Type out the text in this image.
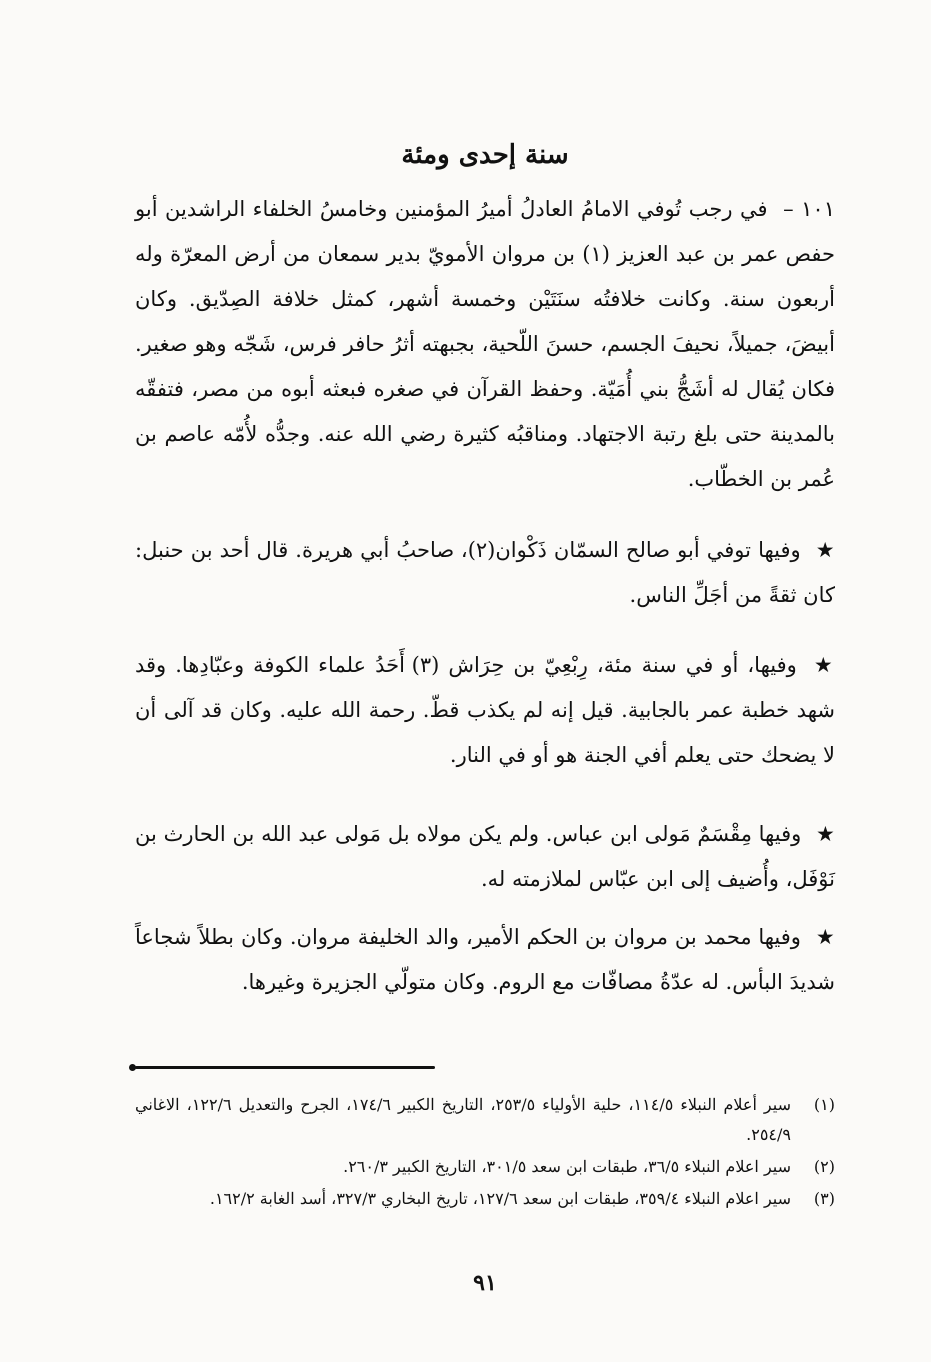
سنة إحدى ومئة

١٠١ – في رجب تُوفي الامامُ العادلُ أميرُ المؤمنين وخامسُ الخلفاء الراشدين أبو حفص عمر بن عبد العزيز (١) بن مروان الأمويّ بدير سمعان من أرض المعرّة وله أربعون سنة. وكانت خلافتُه سنَتَيْن وخمسة أشهر، كمثل خلافة الصِدّيق. وكان أبيضَ، جميلاً، نحيفَ الجسم، حسنَ اللّحية، بجبهته أثرُ حافر فرس، شَجّه وهو صغير. فكان يُقال له أشَجُّ بني أُمَيّة. وحفظ القرآن في صغره فبعثه أبوه من مصر، فتفقّه بالمدينة حتى بلغ رتبة الاجتهاد. ومناقبُه كثيرة رضي الله عنه. وجدُّه لأُمّه عاصم بن عُمر بن الخطّاب.

★ وفيها توفي أبو صالح السمّان ذَكْوان(٢)، صاحبُ أبي هريرة. قال أحد بن حنبل: كان ثقةً من أجَلِّ الناس.

★ وفيها، أو في سنة مئة، رِبْعِيّ بن حِرَاش (٣) أَحَدُ علماء الكوفة وعبّادِها. وقد شهد خطبة عمر بالجابية. قيل إنه لم يكذب قطّ. رحمة الله عليه. وكان قد آلى أن لا يضحك حتى يعلم أفي الجنة هو أو في النار.

★ وفيها مِقْسَمٌ مَولى ابن عباس. ولم يكن مولاه بل مَولى عبد الله بن الحارث بن نَوْفَل، وأُضيف إلى ابن عبّاس لملازمته له.

★ وفيها محمد بن مروان بن الحكم الأمير، والد الخليفة مروان. وكان بطلاً شجاعاً شديدَ البأس. له عدّةُ مصافّات مع الروم. وكان متولّي الجزيرة وغيرها.

(١)
سير أعلام النبلاء ١١٤/٥، حلية الأولياء ٢٥٣/٥، التاريخ الكبير ١٧٤/٦، الجرح والتعديل ١٢٢/٦، الاغاني ٢٥٤/٩.
(٢)
سير اعلام النبلاء ٣٦/٥، طبقات ابن سعد ٣٠١/٥، التاريخ الكبير ٢٦٠/٣.
(٣)
سير اعلام النبلاء ٣٥٩/٤، طبقات ابن سعد ١٢٧/٦، تاريخ البخاري ٣٢٧/٣، أسد الغابة ١٦٢/٢.
٩١
